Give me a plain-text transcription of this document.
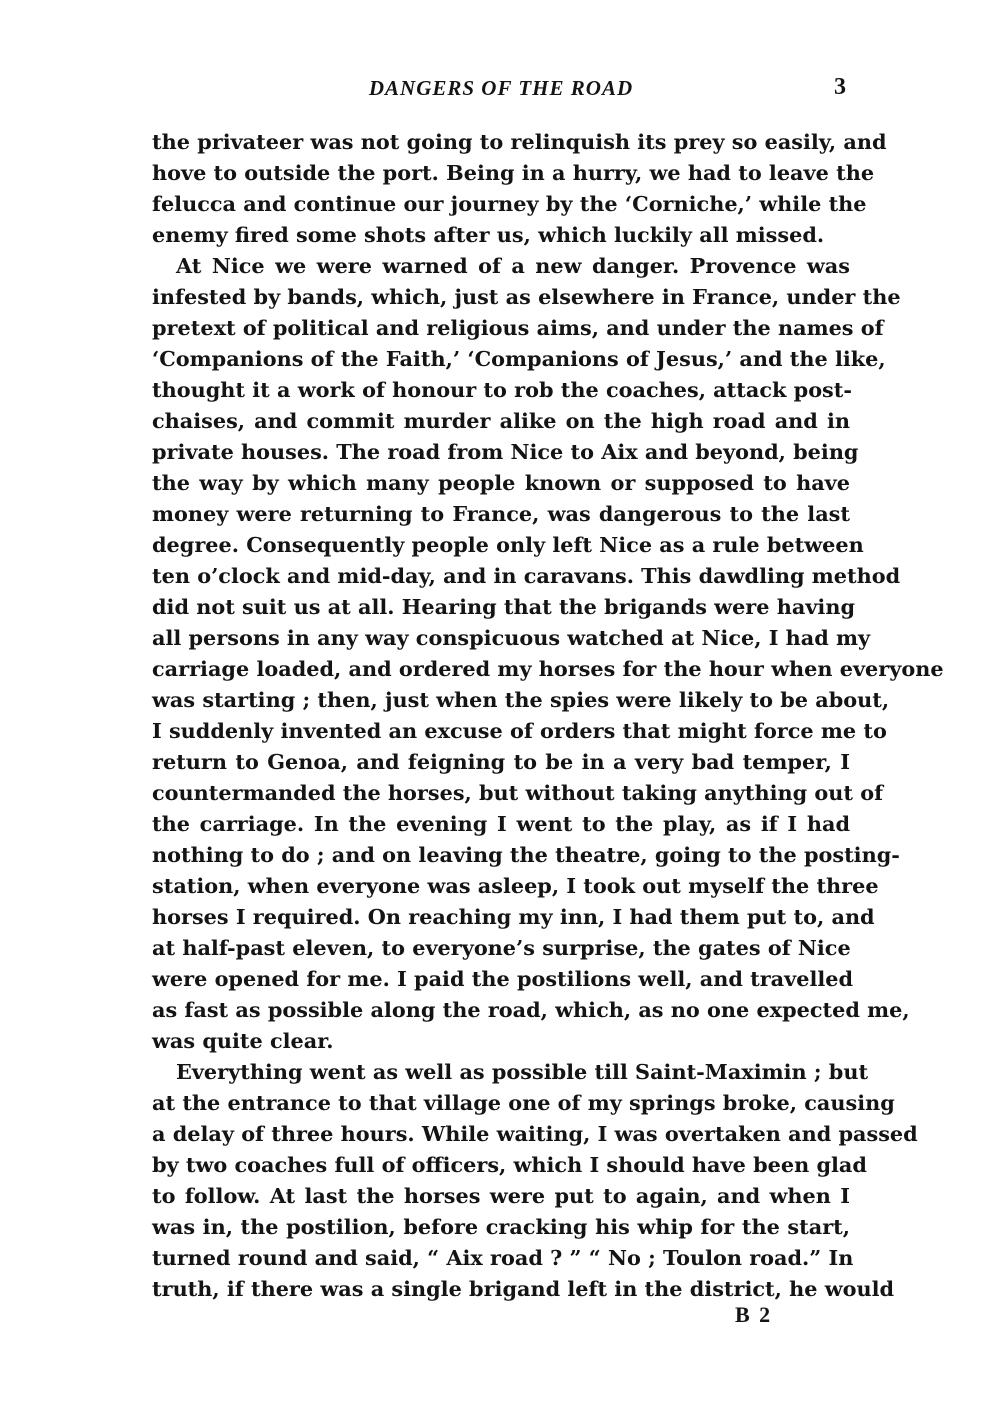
DANGERS OF THE ROAD	3
the privateer was not going to relinquish its prey so easily, and
hove to outside the port. Being in a hurry, we had to leave the
felucca and continue our journey by the ‘Corniche,’ while the
enemy fired some shots after us, which luckily all missed.
At Nice we were warned of a new danger. Provence was
infested by bands, which, just as elsewhere in France, under the
pretext of political and religious aims, and under the names of
‘Companions of the Faith,’ ‘Companions of Jesus,’ and the like,
thought it a work of honour to rob the coaches, attack post-
chaises, and commit murder alike on the high road and in
private houses. The road from Nice to Aix and beyond, being
the way by which many people known or supposed to have
money were returning to France, was dangerous to the last
degree. Consequently people only left Nice as a rule between
ten o’clock and mid-day, and in caravans. This dawdling method
did not suit us at all. Hearing that the brigands were having
all persons in any way conspicuous watched at Nice, I had my
carriage loaded, and ordered my horses for the hour when everyone
was starting ; then, just when the spies were likely to be about,
I suddenly invented an excuse of orders that might force me to
return to Genoa, and feigning to be in a very bad temper, I
countermanded the horses, but without taking anything out of
the carriage. In the evening I went to the play, as if I had
nothing to do ; and on leaving the theatre, going to the posting-
station, when everyone was asleep, I took out myself the three
horses I required. On reaching my inn, I had them put to, and
at half-past eleven, to everyone’s surprise, the gates of Nice
were opened for me. I paid the postilions well, and travelled
as fast as possible along the road, which, as no one expected me,
was quite clear.
Everything went as well as possible till Saint-Maximin ; but
at the entrance to that village one of my springs broke, causing
a delay of three hours. While waiting, I was overtaken and passed
by two coaches full of officers, which I should have been glad
to follow. At last the horses were put to again, and when I
was in, the postilion, before cracking his whip for the start,
turned round and said, “ Aix road ? ” “ No ; Toulon road.” In
truth, if there was a single brigand left in the district, he would
B 2
